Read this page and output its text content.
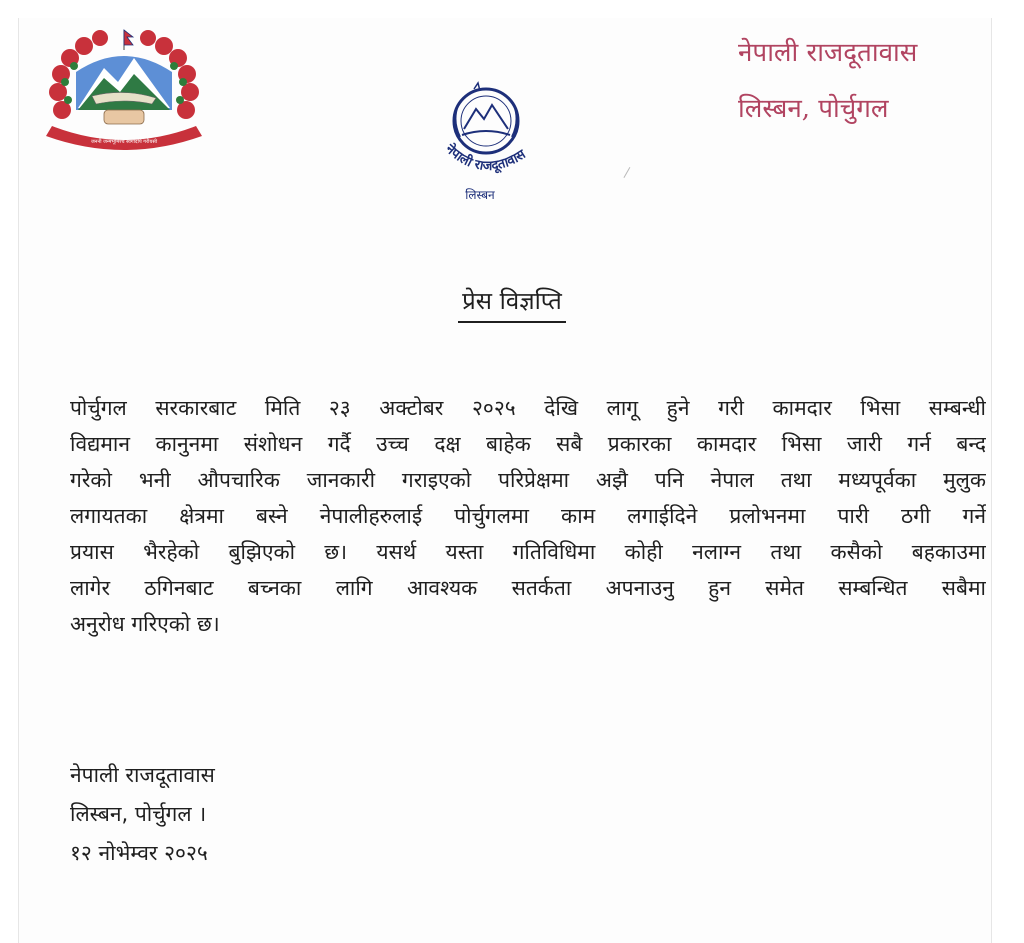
जननी जन्मभूमिश्च स्वर्गादपि गरीयसी	नेपाली राजदूतावास
लिस्बन
नेपाली राजदूतावास
लिस्बन, पोर्चुगल
प्रेस विज्ञप्ति
पोर्चुगल सरकारबाट मिति २३ अक्टोबर २०२५ देखि लागू हुने गरी कामदार भिसा सम्बन्धी
विद्यमान कानुनमा संशोधन गर्दै उच्च दक्ष बाहेक सबै प्रकारका कामदार भिसा जारी गर्न बन्द
गरेको भनी औपचारिक जानकारी गराइएको परिप्रेक्षमा अझै पनि नेपाल तथा मध्यपूर्वका मुलुक
लगायतका क्षेत्रमा बस्ने नेपालीहरुलाई पोर्चुगलमा काम लगाईदिने प्रलोभनमा पारी ठगी गर्ने
प्रयास भैरहेको बुझिएको छ। यसर्थ यस्ता गतिविधिमा कोही नलाग्न तथा कसैको बहकाउमा
लागेर ठगिनबाट बच्नका लागि आवश्यक सतर्कता अपनाउनु हुन समेत सम्बन्धित सबैमा
अनुरोध गरिएको छ।
नेपाली राजदूतावास
लिस्बन, पोर्चुगल ।
१२ नोभेम्वर २०२५
